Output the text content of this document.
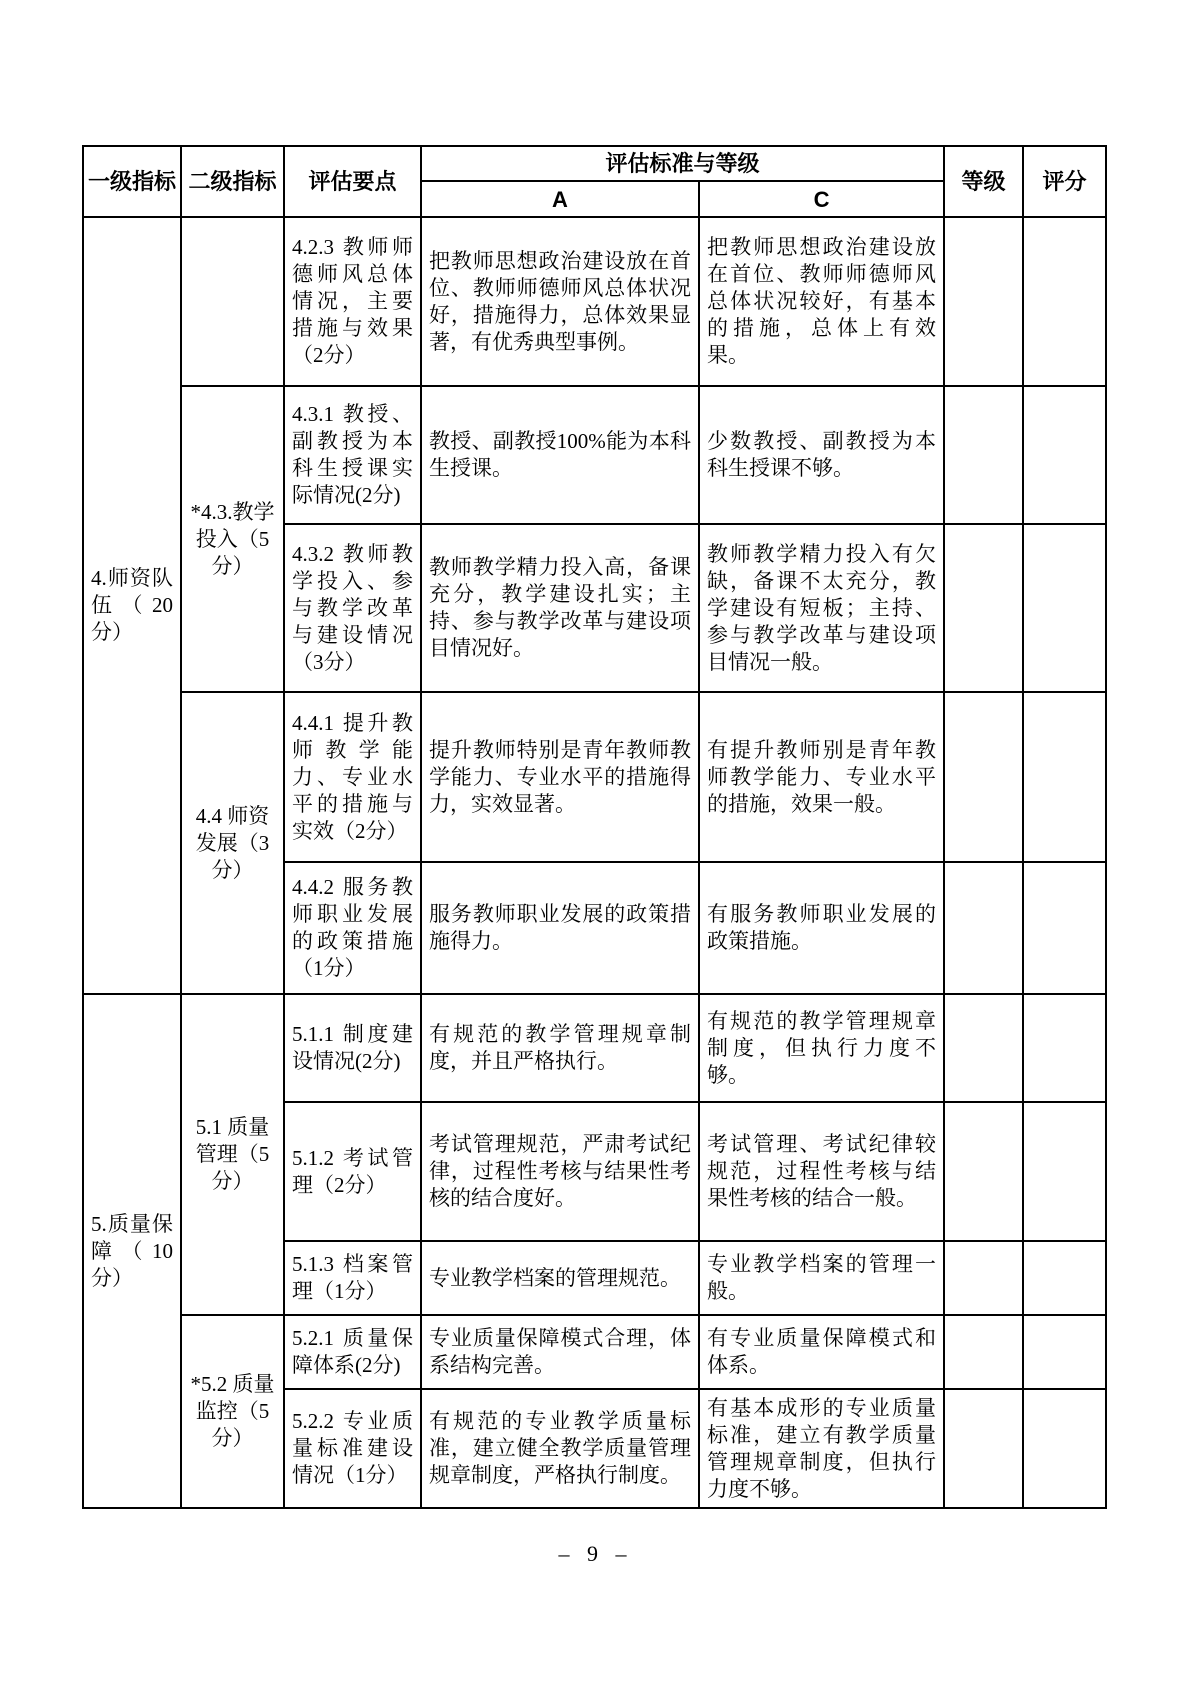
一级指标	二级指标	评估要点	评估标准与等级		等级	评分
			A	C		
4.师资队伍（20分）		4.2.3 教师师德师风总体情况，主要措施与效果（2分）	把教师思想政治建设放在首位、教师师德师风总体状况好，措施得力，总体效果显著，有优秀典型事例。	把教师思想政治建设放在首位、教师师德师风总体状况较好，有基本的措施，总体上有效果。		
	*4.3.教学投入（5分）	4.3.1 教授、副教授为本科生授课实际情况(2分)	教授、副教授100%能为本科生授课。	少数教授、副教授为本科生授课不够。		
		4.3.2 教师教学投入、参与教学改革与建设情况（3分）	教师教学精力投入高，备课充分，教学建设扎实；主持、参与教学改革与建设项目情况好。	教师教学精力投入有欠缺，备课不太充分，教学建设有短板；主持、参与教学改革与建设项目情况一般。		
	4.4 师资发展（3分）	4.4.1 提升教师教学能力、专业水平的措施与实效（2分）	提升教师特别是青年教师教学能力、专业水平的措施得力，实效显著。	有提升教师别是青年教师教学能力、专业水平的措施，效果一般。		
		4.4.2 服务教师职业发展的政策措施（1分）	服务教师职业发展的政策措施得力。	有服务教师职业发展的政策措施。		
5.质量保障（10分）	5.1 质量管理（5分）	5.1.1 制度建设情况(2分)	有规范的教学管理规章制度，并且严格执行。	有规范的教学管理规章制度，但执行力度不够。		
		5.1.2 考试管理（2分）	考试管理规范，严肃考试纪律，过程性考核与结果性考核的结合度好。	考试管理、考试纪律较规范，过程性考核与结果性考核的结合一般。		
		5.1.3 档案管理（1分）	专业教学档案的管理规范。	专业教学档案的管理一般。		
	*5.2 质量监控（5分）	5.2.1 质量保障体系(2分)	专业质量保障模式合理，体系结构完善。	有专业质量保障模式和体系。		
		5.2.2 专业质量标准建设情况（1分）	有规范的专业教学质量标准，建立健全教学质量管理规章制度，严格执行制度。	有基本成形的专业质量标准，建立有教学质量管理规章制度，但执行力度不够。		
– 9 –
